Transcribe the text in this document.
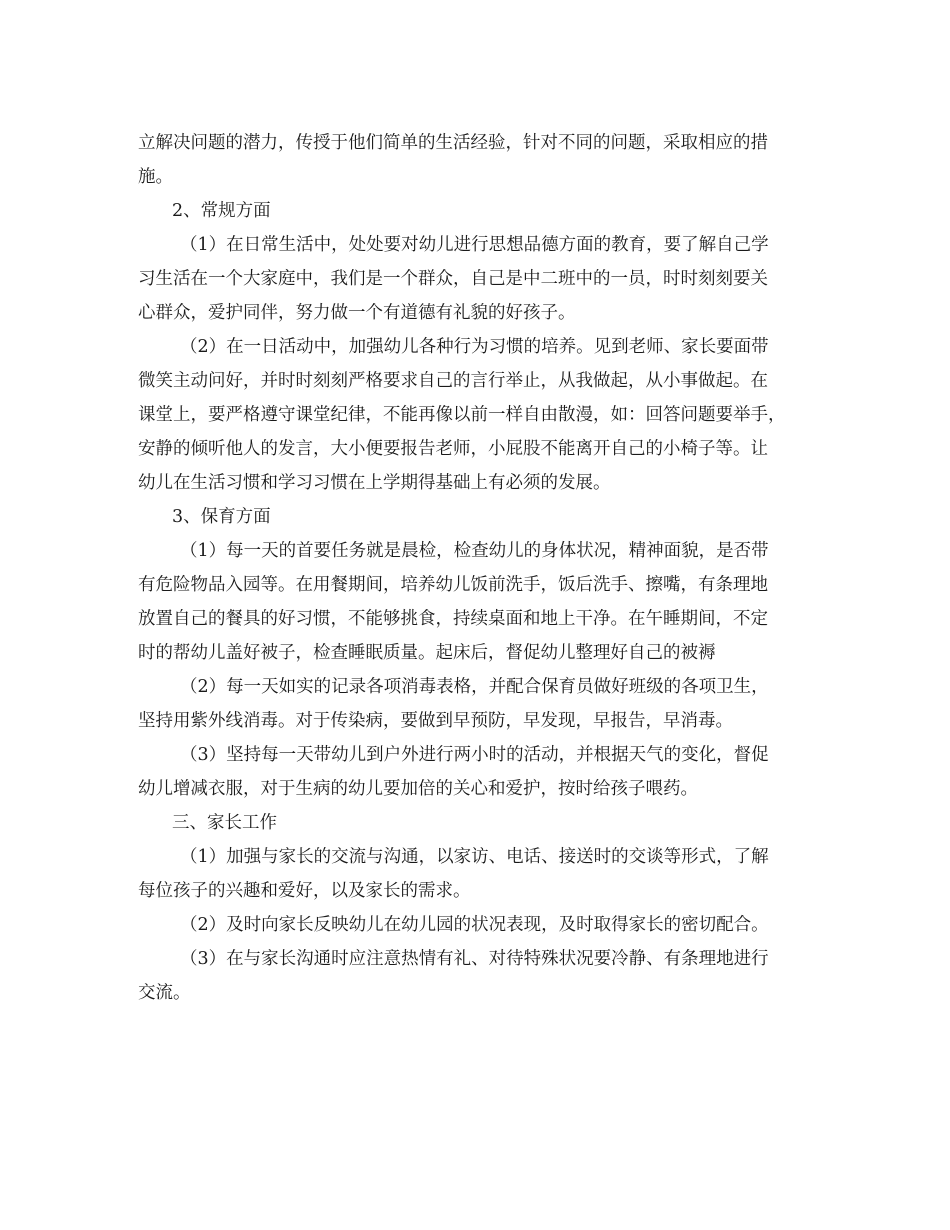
立解决问题的潜力，传授于他们简单的生活经验，针对不同的问题，采取相应的措
施。
2、常规方面
（1）在日常生活中，处处要对幼儿进行思想品德方面的教育，要了解自己学
习生活在一个大家庭中，我们是一个群众，自己是中二班中的一员，时时刻刻要关
心群众，爱护同伴，努力做一个有道德有礼貌的好孩子。
（2）在一日活动中，加强幼儿各种行为习惯的培养。见到老师、家长要面带
微笑主动问好，并时时刻刻严格要求自己的言行举止，从我做起，从小事做起。在
课堂上，要严格遵守课堂纪律，不能再像以前一样自由散漫，如：回答问题要举手，
安静的倾听他人的发言，大小便要报告老师，小屁股不能离开自己的小椅子等。让
幼儿在生活习惯和学习习惯在上学期得基础上有必须的发展。
3、保育方面
（1）每一天的首要任务就是晨检，检查幼儿的身体状况，精神面貌，是否带
有危险物品入园等。在用餐期间，培养幼儿饭前洗手，饭后洗手、擦嘴，有条理地
放置自己的餐具的好习惯，不能够挑食，持续桌面和地上干净。在午睡期间，不定
时的帮幼儿盖好被子，检查睡眠质量。起床后，督促幼儿整理好自己的被褥
（2）每一天如实的记录各项消毒表格，并配合保育员做好班级的各项卫生，
坚持用紫外线消毒。对于传染病，要做到早预防，早发现，早报告，早消毒。
（3）坚持每一天带幼儿到户外进行两小时的活动，并根据天气的变化，督促
幼儿增减衣服，对于生病的幼儿要加倍的关心和爱护，按时给孩子喂药。
三、家长工作
（1）加强与家长的交流与沟通，以家访、电话、接送时的交谈等形式，了解
每位孩子的兴趣和爱好，以及家长的需求。
（2）及时向家长反映幼儿在幼儿园的状况表现，及时取得家长的密切配合。
（3）在与家长沟通时应注意热情有礼、对待特殊状况要冷静、有条理地进行
交流。
